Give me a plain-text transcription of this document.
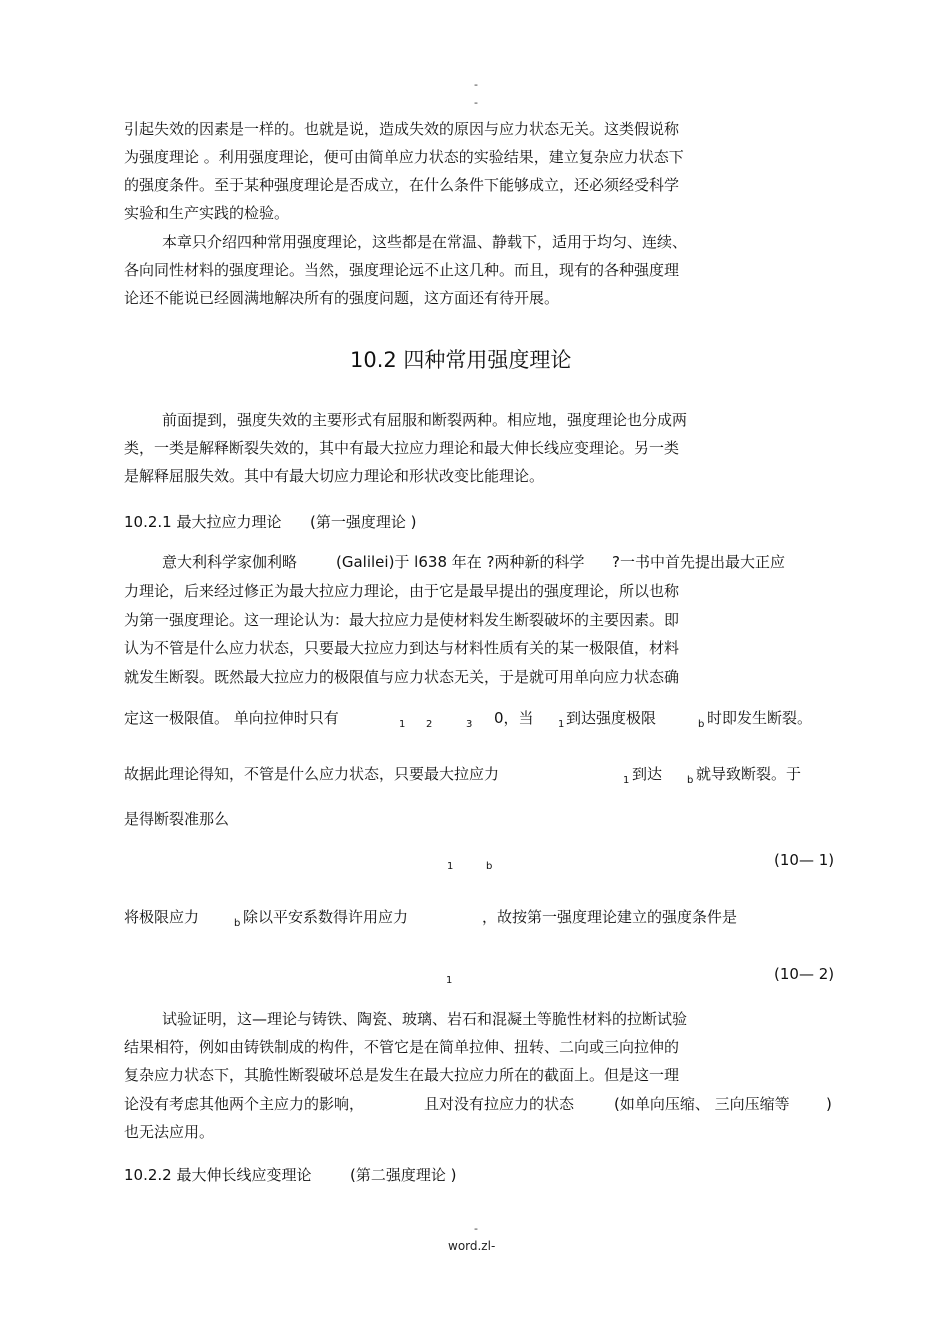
-
-
引起失效的因素是一样的。也就是说，造成失效的原因与应力状态无关。这类假说称
为强度理论 。利用强度理论，便可由简单应力状态的实验结果，建立复杂应力状态下
的强度条件。至于某种强度理论是否成立，在什么条件下能够成立，还必须经受科学
实验和生产实践的检验。
本章只介绍四种常用强度理论，这些都是在常温、静载下，适用于均匀、连续、
各向同性材料的强度理论。当然，强度理论远不止这几种。而且，现有的各种强度理
论还不能说已经圆满地解决所有的强度问题，这方面还有待开展。
10.2 四种常用强度理论
前面提到，强度失效的主要形式有屈服和断裂两种。相应地，强度理论也分成两
类，一类是解释断裂失效的，其中有最大拉应力理论和最大伸长线应变理论。另一类
是解释屈服失效。其中有最大切应力理论和形状改变比能理论。
10.2.1 最大拉应力理论 (第一强度理论 )
意大利科学家伽利略	(Galilei)于 l638 年在 ?两种新的科学 ?一书中首先提出最大正应
力理论，后来经过修正为最大拉应力理论，由于它是最早提出的强度理论，所以也称
为第一强度理论。这一理论认为：最大拉应力是使材料发生断裂破坏的主要因素。即
认为不管是什么应力状态，只要最大拉应力到达与材料性质有关的某一极限值，材料
就发生断裂。既然最大拉应力的极限值与应力状态无关，于是就可用单向应力状态确
定这一极限值。 单向拉伸时只有	1 2	3 0，当 1 到达强度极限	b 时即发生断裂。
故据此理论得知，不管是什么应力状态，只要最大拉应力	1 到达 b 就导致断裂。于
是得断裂准那么
1	b	(10— 1)
将极限应力	b 除以平安系数得许用应力	，故按第一强度理论建立的强度条件是
1	(10— 2)
试验证明，这—理论与铸铁、陶瓷、玻璃、岩石和混凝土等脆性材料的拉断试验
结果相符，例如由铸铁制成的构件，不管它是在简单拉伸、扭转、二向或三向拉伸的
复杂应力状态下，其脆性断裂破坏总是发生在最大拉应力所在的截面上。但是这一理
论没有考虑其他两个主应力的影响，	且对没有拉应力的状态	(如单向压缩、 三向压缩等 )
也无法应用。
10.2.2 最大伸长线应变理论	(第二强度理论 )
-
word.zl-
